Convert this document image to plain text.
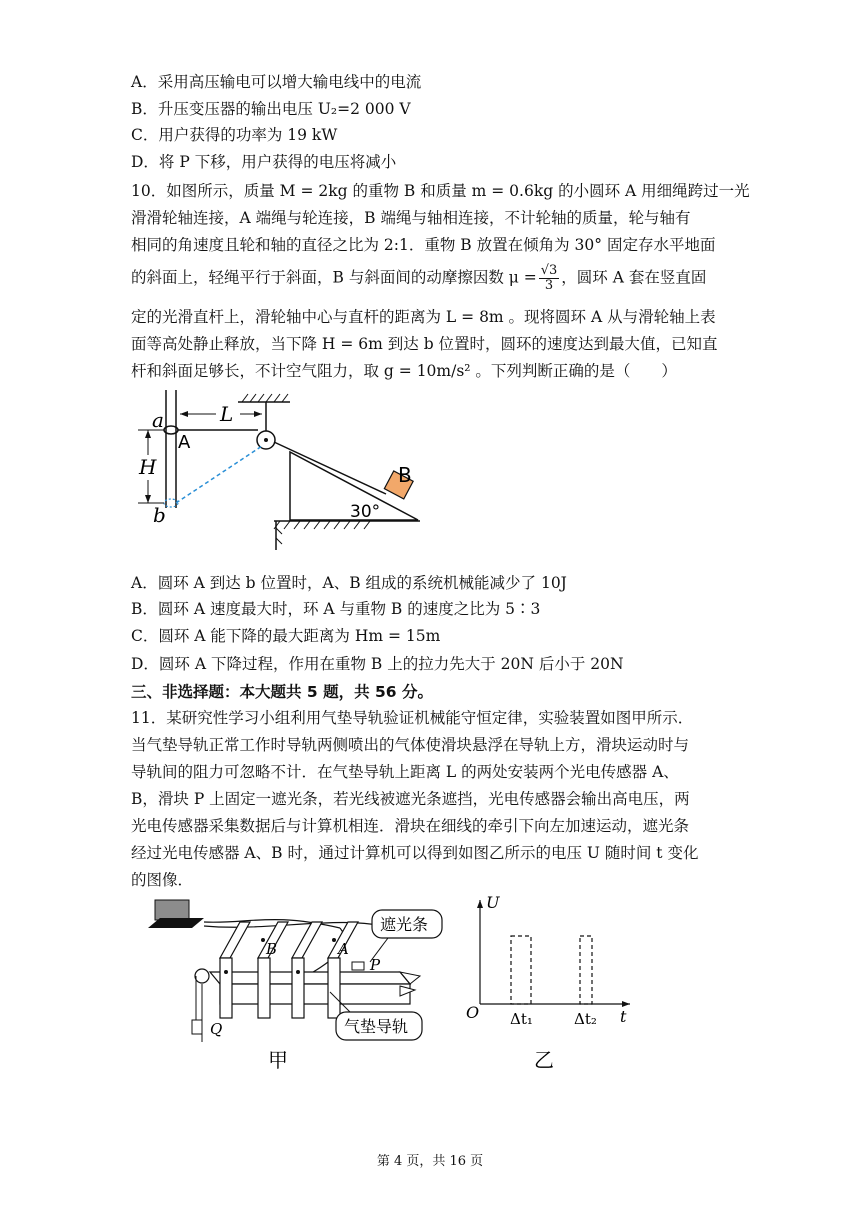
A．采用高压输电可以增大输电线中的电流
B．升压变压器的输出电压 U₂=2 000 V
C．用户获得的功率为 19 kW
D．将 P 下移，用户获得的电压将减小
10．如图所示，质量 M = 2kg 的重物 B 和质量 m = 0.6kg 的小圆环 A 用细绳跨过一光
滑滑轮轴连接，A 端绳与轮连接，B 端绳与轴相连接，不计轮轴的质量，轮与轴有
相同的角速度且轮和轴的直径之比为 2:1．重物 B 放置在倾角为 30° 固定存水平地面
的斜面上，轻绳平行于斜面，B 与斜面间的动摩擦因数 $\mu = \frac{√3}{3}$ ，圆环 A 套在竖直固
定的光滑直杆上，滑轮轴中心与直杆的距离为 L = 8m 。现将圆环 A 从与滑轮轴上表
面等高处静止释放，当下降 H = 6m 到达 b 位置时，圆环的速度达到最大值，已知直
杆和斜面足够长，不计空气阻力，取 g = 10m/s² 。下列判断正确的是（　　）
a
A
L
H
b
B
30°
A．圆环 A 到达 b 位置时，A、B 组成的系统机械能减少了 10J
B．圆环 A 速度最大时，环 A 与重物 B 的速度之比为 5∶3
C．圆环 A 能下降的最大距离为 Hm = 15m
D．圆环 A 下降过程，作用在重物 B 上的拉力先大于 20N 后小于 20N
三、非选择题：本大题共 5 题，共 56 分。
11．某研究性学习小组利用气垫导轨验证机械能守恒定律，实验装置如图甲所示．
当气垫导轨正常工作时导轨两侧喷出的气体使滑块悬浮在导轨上方，滑块运动时与
导轨间的阻力可忽略不计．在气垫导轨上距离 L 的两处安装两个光电传感器 A、
B，滑块 P 上固定一遮光条，若光线被遮光条遮挡，光电传感器会输出高电压，两
光电传感器采集数据后与计算机相连．滑块在细线的牵引下向左加速运动，遮光条
经过光电传感器 A、B 时，通过计算机可以得到如图乙所示的电压 U 随时间 t 变化
的图像．
B	A
P
Q
遮光条
气垫导轨
甲	乙
U
O	t
Δt₁	Δt₂
第 4 页，共 16 页
